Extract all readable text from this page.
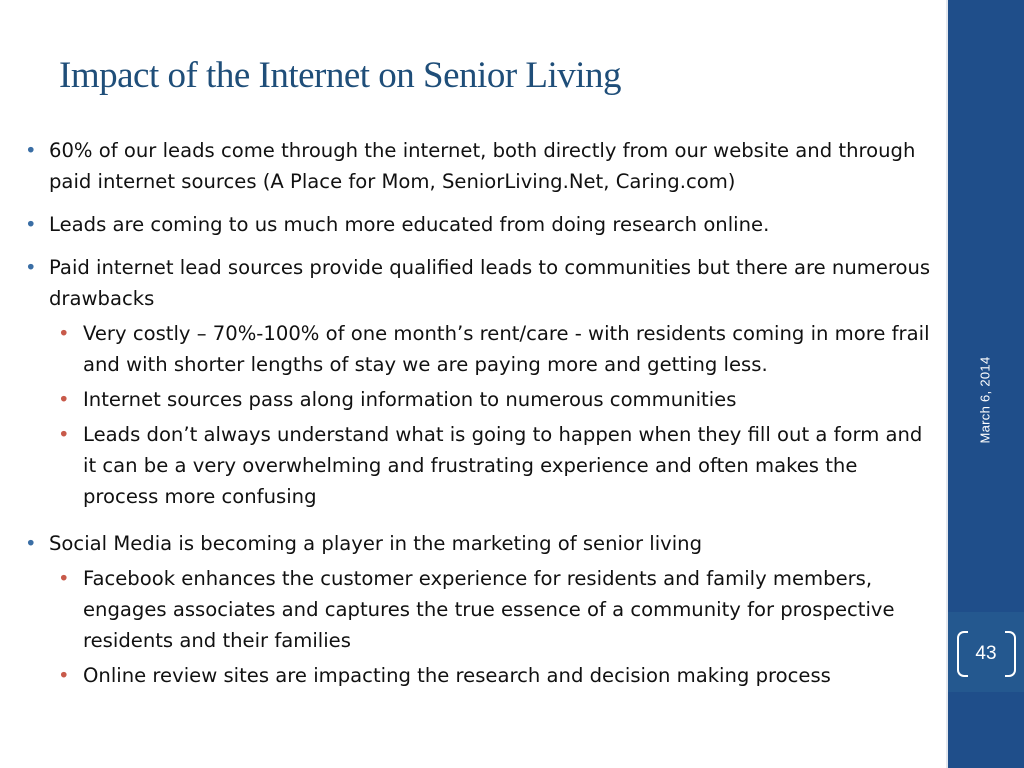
Impact of the Internet on Senior Living
• 60% of our leads come through the internet, both directly from our website and through paid internet sources (A Place for Mom, SeniorLiving.Net, Caring.com)
• Leads are coming to us much more educated from doing research online.
• Paid internet lead sources provide qualified leads to communities but there are numerous drawbacks
• Very costly – 70%-100% of one month’s rent/care - with residents coming in more frail and with shorter lengths of stay we are paying more and getting less.
• Internet sources pass along information to numerous communities
• Leads don’t always understand what is going to happen when they fill out a form and it can be a very overwhelming and frustrating experience and often makes the process more confusing
• Social Media is becoming a player in the marketing of senior living
• Facebook enhances the customer experience for residents and family members, engages associates and captures the true essence of a community for prospective residents and their families
• Online review sites are impacting the research and decision making process
March 6, 2014
43
